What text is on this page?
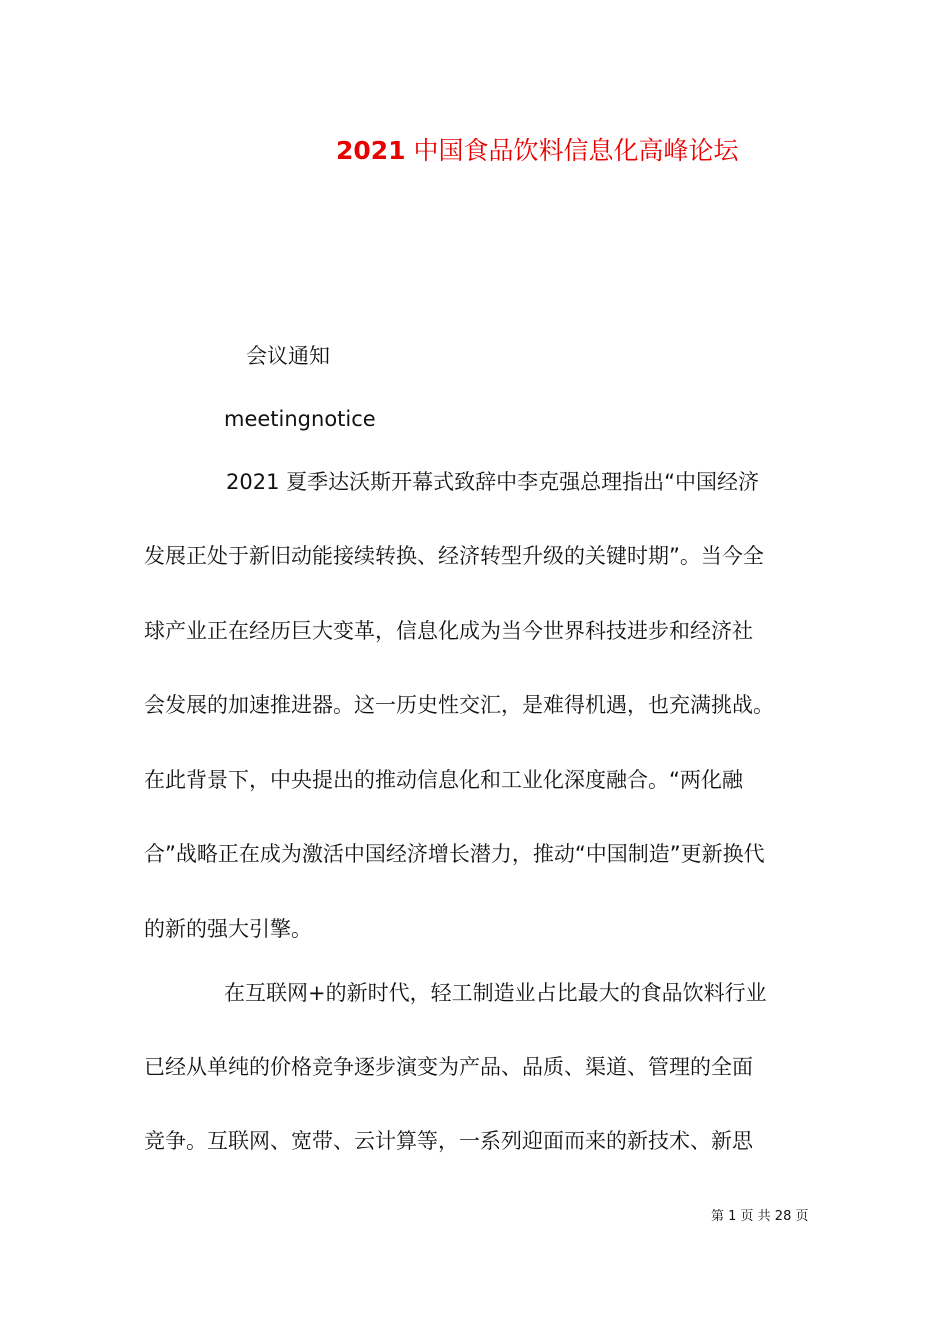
2021 中国食品饮料信息化高峰论坛
会议通知
meetingnotice
2021 夏季达沃斯开幕式致辞中李克强总理指出“中国经济
发展正处于新旧动能接续转换、经济转型升级的关键时期”。当今全
球产业正在经历巨大变革，信息化成为当今世界科技进步和经济社
会发展的加速推进器。这一历史性交汇，是难得机遇，也充满挑战。
在此背景下，中央提出的推动信息化和工业化深度融合。“两化融
合”战略正在成为激活中国经济增长潜力，推动“中国制造”更新换代
的新的强大引擎。
在互联网+的新时代，轻工制造业占比最大的食品饮料行业
已经从单纯的价格竞争逐步演变为产品、品质、渠道、管理的全面
竞争。互联网、宽带、云计算等，一系列迎面而来的新技术、新思
第 1 页 共 28 页
